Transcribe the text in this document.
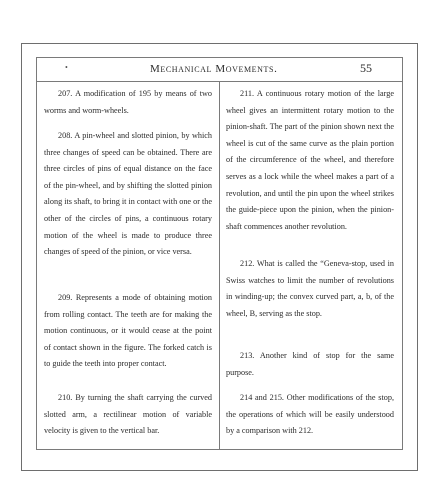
•	Mechanical Movements.	55

207. A modification of 195 by means of two worms and worm-wheels.

208. A pin-wheel and slotted pinion, by which three changes of speed can be obtained. There are three circles of pins of equal distance on the face of the pin-wheel, and by shifting the slotted pinion along its shaft, to bring it in contact with one or the other of the circles of pins, a continuous rotary motion of the wheel is made to produce three changes of speed of the pinion, or vice versa.

209. Represents a mode of obtaining motion from rolling contact. The teeth are for making the motion continuous, or it would cease at the point of contact shown in the figure. The forked catch is to guide the teeth into proper contact.

210. By turning the shaft carrying the curved slotted arm, a rectilinear motion of variable velocity is given to the vertical bar.

211. A continuous rotary motion of the large wheel gives an intermittent rotary motion to the pinion-shaft. The part of the pinion shown next the wheel is cut of the same curve as the plain portion of the circumference of the wheel, and therefore serves as a lock while the wheel makes a part of a revolution, and until the pin upon the wheel strikes the guide-piece upon the pinion, when the pinion-shaft commences another revolution.

212. What is called the “Geneva-stop, used in Swiss watches to limit the number of revolutions in winding-up; the convex curved part, a, b, of the wheel, B, serving as the stop.

213. Another kind of stop for the same purpose.

214 and 215. Other modifications of the stop, the operations of which will be easily understood by a comparison with 212.
